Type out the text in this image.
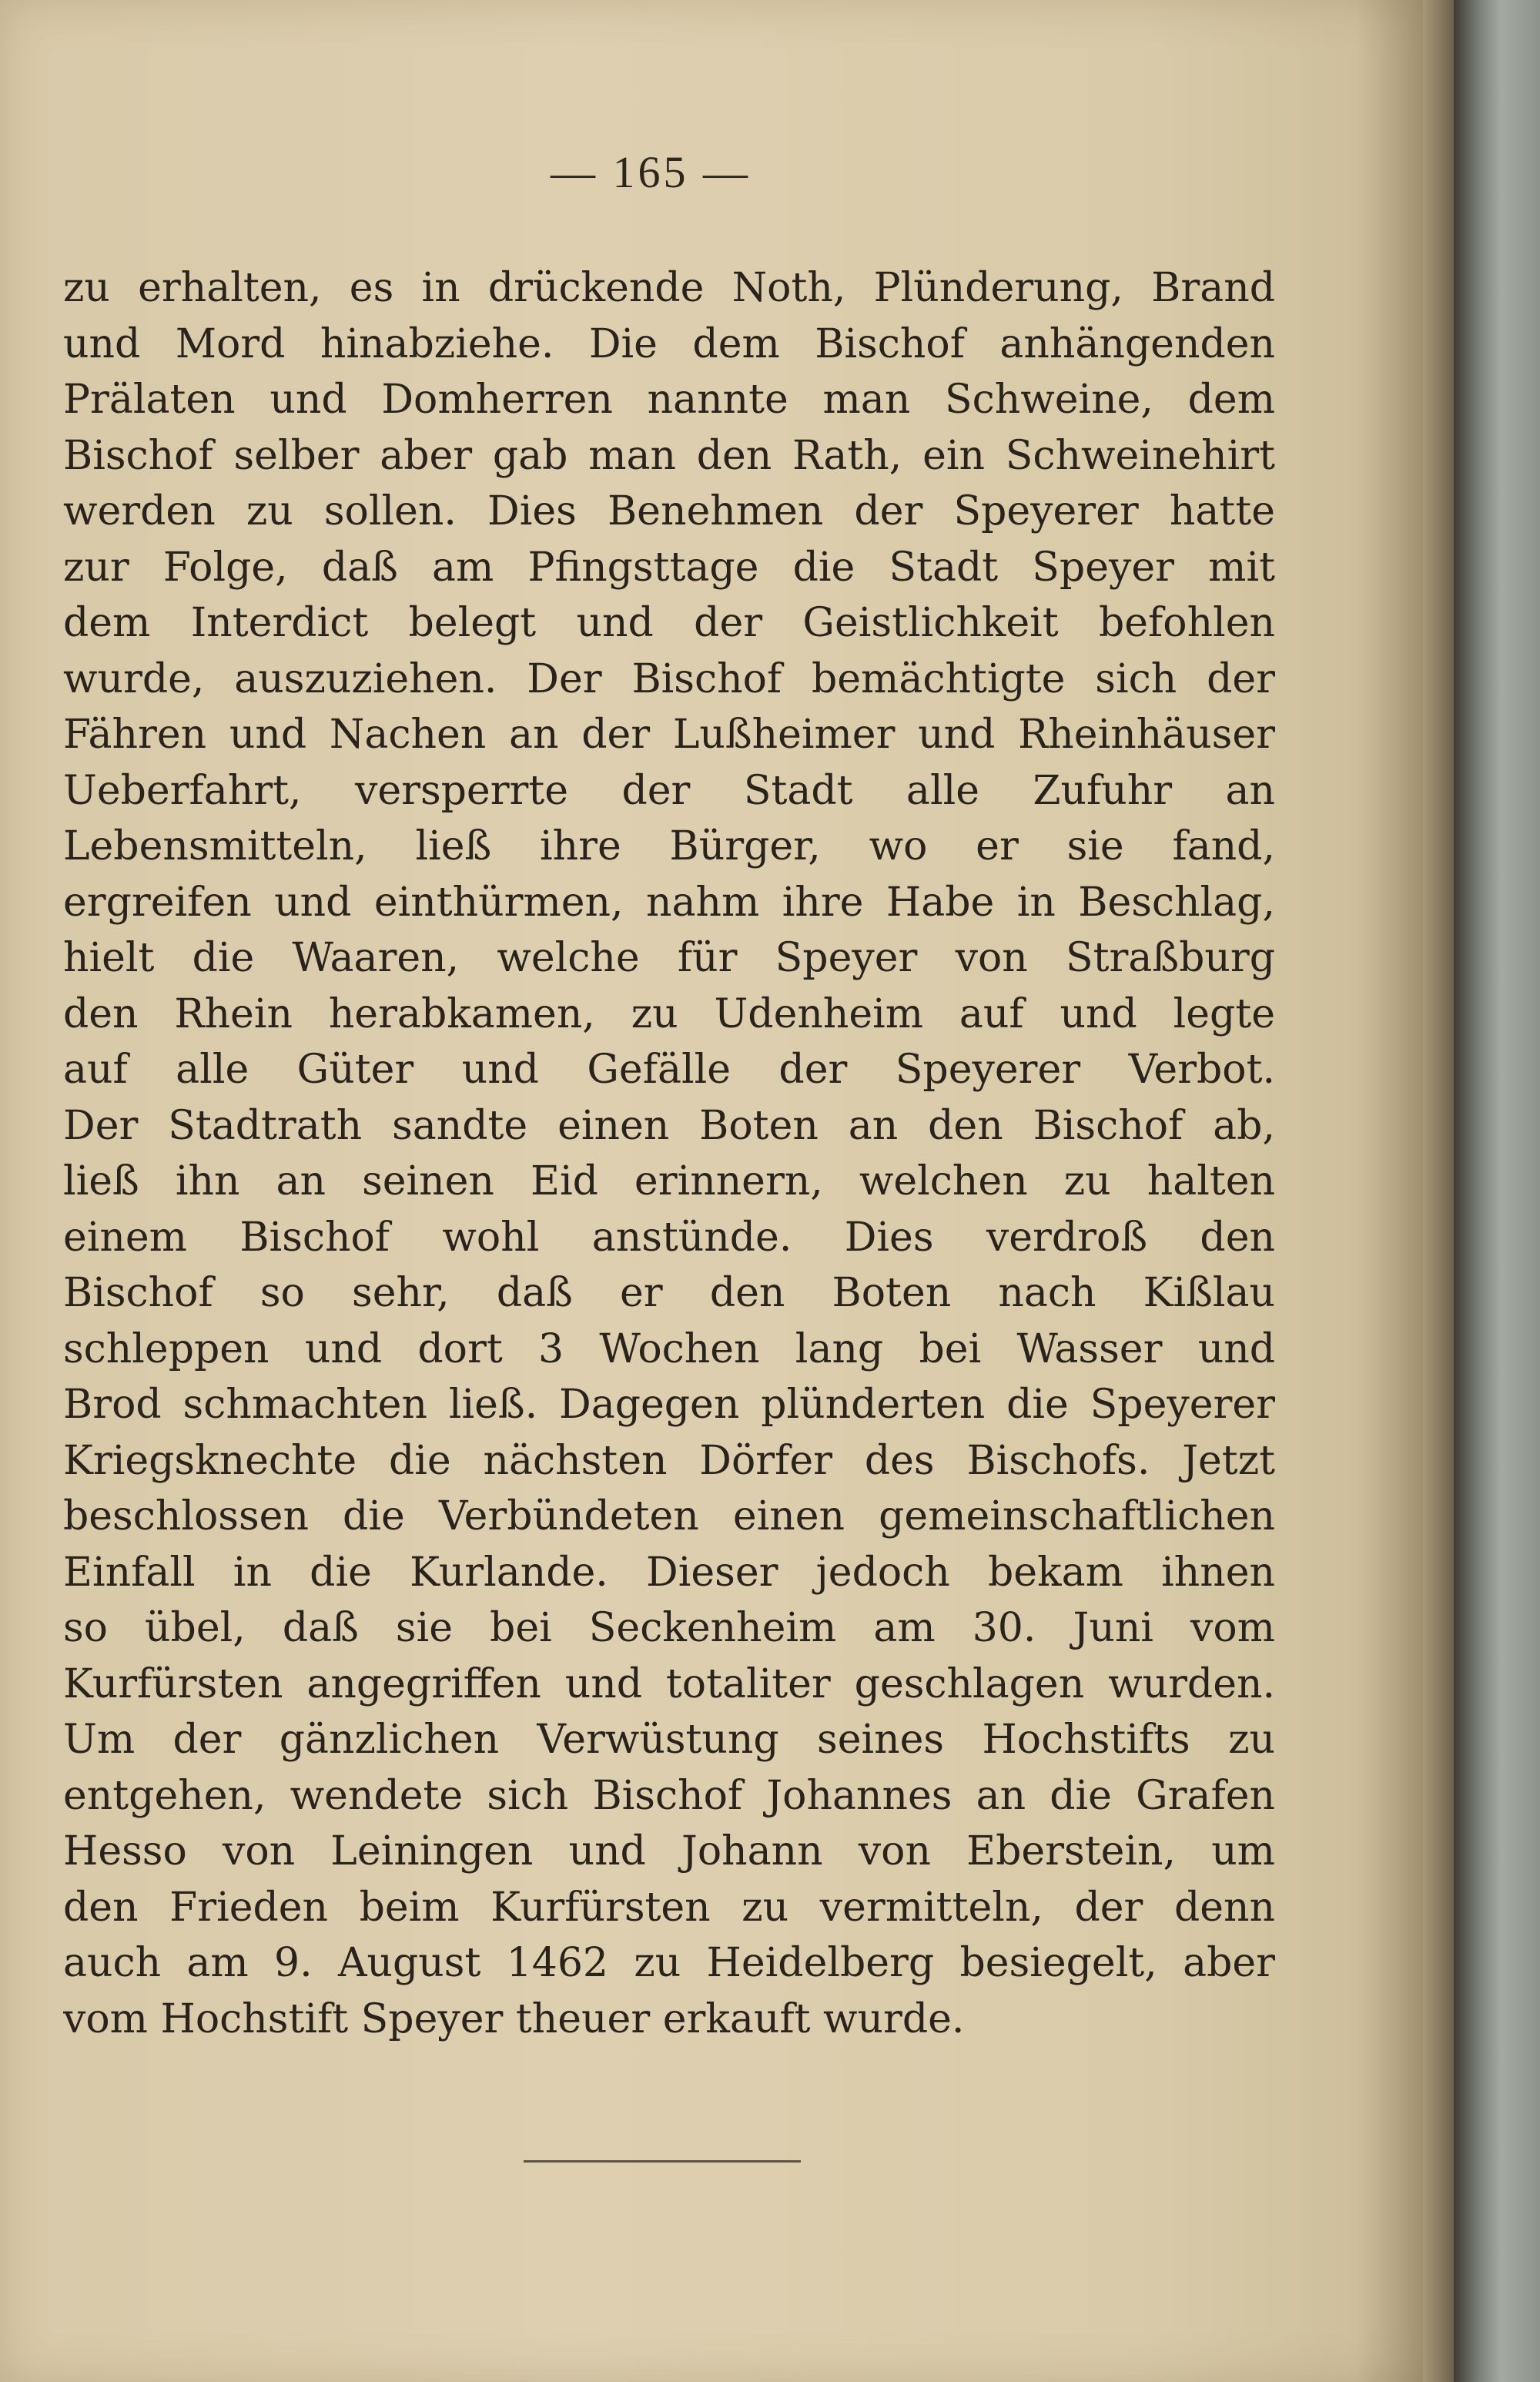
— 165 —
zu erhalten, es in drückende Noth, Plünderung, Brand
und Mord hinabziehe. Die dem Bischof anhängenden
Prälaten und Domherren nannte man Schweine, dem
Bischof selber aber gab man den Rath, ein Schweinehirt
werden zu sollen. Dies Benehmen der Speyerer hatte
zur Folge, daß am Pfingsttage die Stadt Speyer mit
dem Interdict belegt und der Geistlichkeit befohlen
wurde, auszuziehen. Der Bischof bemächtigte sich der
Fähren und Nachen an der Lußheimer und Rheinhäuser
Ueberfahrt, versperrte der Stadt alle Zufuhr an
Lebensmitteln, ließ ihre Bürger, wo er sie fand,
ergreifen und einthürmen, nahm ihre Habe in Beschlag,
hielt die Waaren, welche für Speyer von Straßburg
den Rhein herabkamen, zu Udenheim auf und legte
auf alle Güter und Gefälle der Speyerer Verbot.
Der Stadtrath sandte einen Boten an den Bischof ab,
ließ ihn an seinen Eid erinnern, welchen zu halten
einem Bischof wohl anstünde. Dies verdroß den
Bischof so sehr, daß er den Boten nach Kißlau
schleppen und dort 3 Wochen lang bei Wasser und
Brod schmachten ließ. Dagegen plünderten die Speyerer
Kriegsknechte die nächsten Dörfer des Bischofs. Jetzt
beschlossen die Verbündeten einen gemeinschaftlichen
Einfall in die Kurlande. Dieser jedoch bekam ihnen
so übel, daß sie bei Seckenheim am 30. Juni vom
Kurfürsten angegriffen und totaliter geschlagen wurden.
Um der gänzlichen Verwüstung seines Hochstifts zu
entgehen, wendete sich Bischof Johannes an die Grafen
Hesso von Leiningen und Johann von Eberstein, um
den Frieden beim Kurfürsten zu vermitteln, der denn
auch am 9. August 1462 zu Heidelberg besiegelt, aber
vom Hochstift Speyer theuer erkauft wurde.
